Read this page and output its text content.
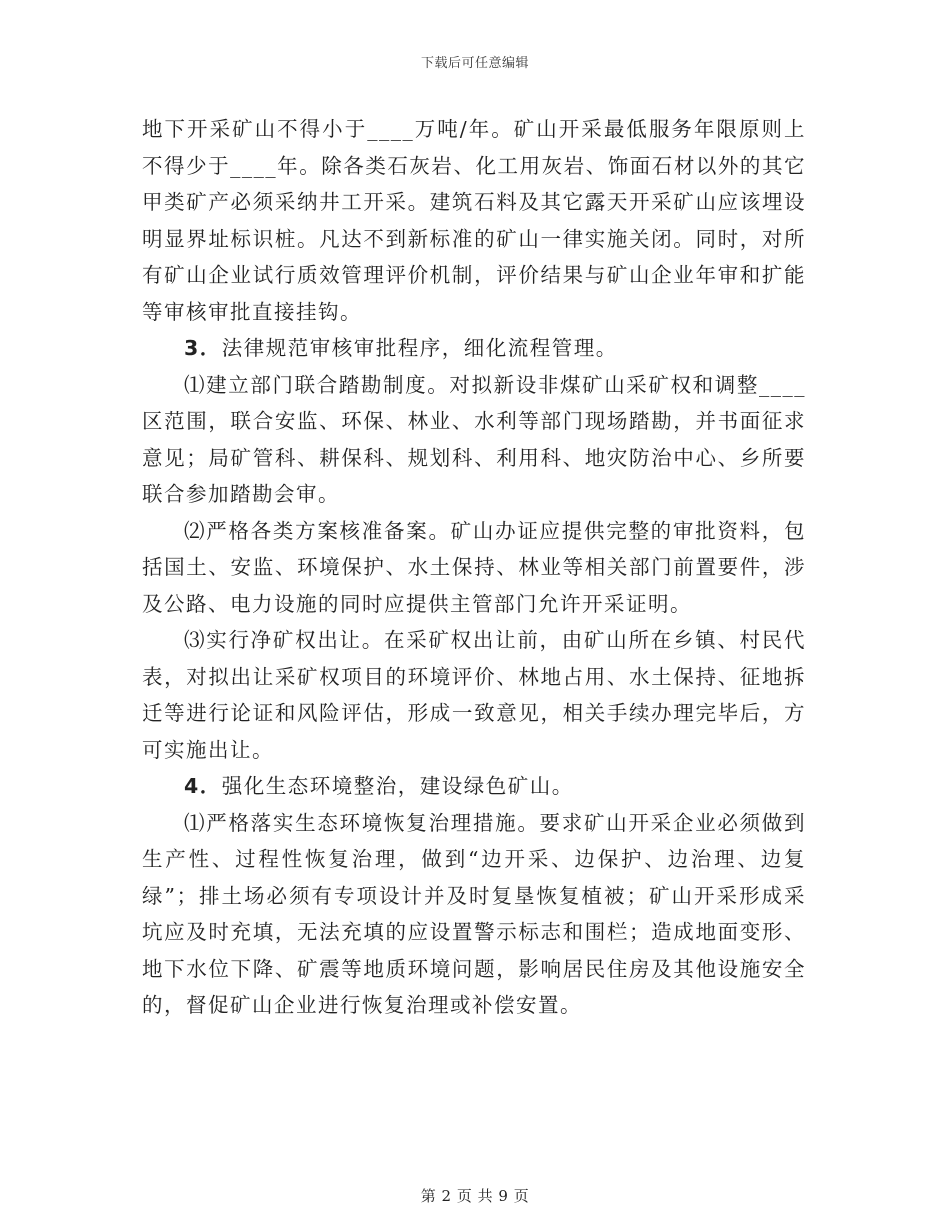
下载后可任意编辑

地下开采矿山不得小于____万吨/年。矿山开采最低服务年限原则上不得少于____年。除各类石灰岩、化工用灰岩、饰面石材以外的其它甲类矿产必须采纳井工开采。建筑石料及其它露天开采矿山应该埋设明显界址标识桩。凡达不到新标准的矿山一律实施关闭。同时，对所有矿山企业试行质效管理评价机制，评价结果与矿山企业年审和扩能等审核审批直接挂钩。

3．法律规范审核审批程序，细化流程管理。

⑴建立部门联合踏勘制度。对拟新设非煤矿山采矿权和调整____区范围，联合安监、环保、林业、水利等部门现场踏勘，并书面征求意见；局矿管科、耕保科、规划科、利用科、地灾防治中心、乡所要联合参加踏勘会审。

⑵严格各类方案核准备案。矿山办证应提供完整的审批资料，包括国土、安监、环境保护、水土保持、林业等相关部门前置要件，涉及公路、电力设施的同时应提供主管部门允许开采证明。

⑶实行净矿权出让。在采矿权出让前，由矿山所在乡镇、村民代表，对拟出让采矿权项目的环境评价、林地占用、水土保持、征地拆迁等进行论证和风险评估，形成一致意见，相关手续办理完毕后，方可实施出让。

4．强化生态环境整治，建设绿色矿山。

⑴严格落实生态环境恢复治理措施。要求矿山开采企业必须做到生产性、过程性恢复治理，做到“边开采、边保护、边治理、边复绿”；排土场必须有专项设计并及时复垦恢复植被；矿山开采形成采坑应及时充填，无法充填的应设置警示标志和围栏；造成地面变形、地下水位下降、矿震等地质环境问题，影响居民住房及其他设施安全的，督促矿山企业进行恢复治理或补偿安置。

第 2 页 共 9 页
